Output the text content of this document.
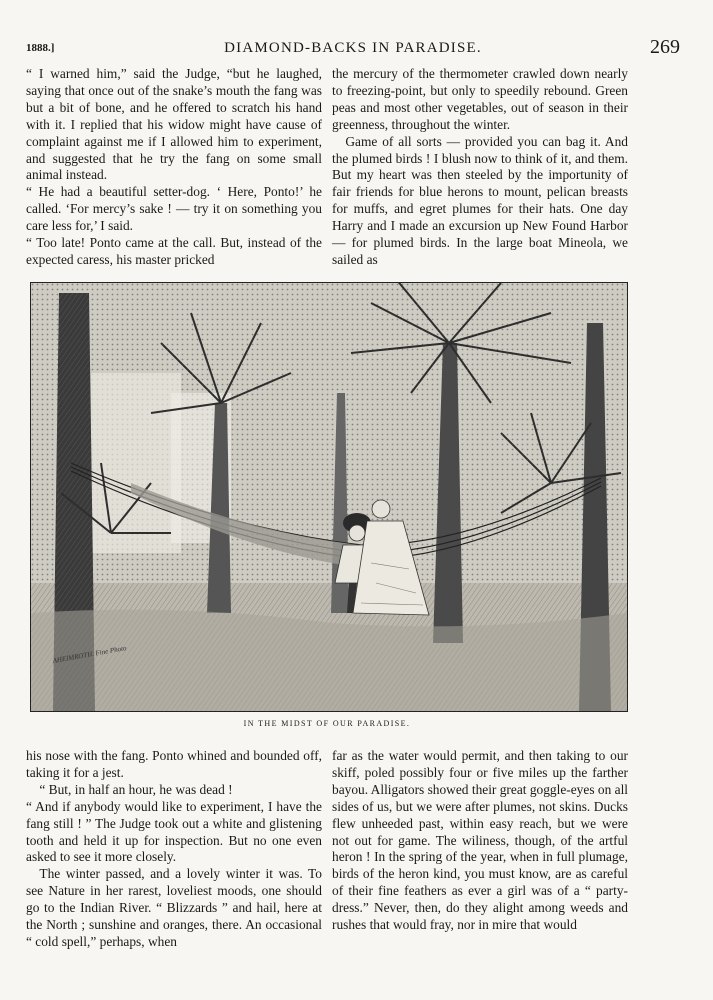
1888.]	DIAMOND-BACKS IN PARADISE.	269

“ I warned him,” said the Judge, “but he laughed, saying that once out of the snake’s mouth the fang was but a bit of bone, and he offered to scratch his hand with it. I replied that his widow might have cause of complaint against me if I allowed him to experiment, and suggested that he try the fang on some small animal instead.

“ He had a beautiful setter-dog. ‘ Here, Ponto!’ he called. ‘For mercy’s sake ! — try it on something you care less for,’ I said.

“ Too late! Ponto came at the call. But, instead of the expected caress, his master pricked

the mercury of the thermometer crawled down nearly to freezing-point, but only to speedily rebound. Green peas and most other vegetables, out of season in their greenness, throughout the winter.

Game of all sorts — provided you can bag it. And the plumed birds ! I blush now to think of it, and them. But my heart was then steeled by the importunity of fair friends for blue herons to mount, pelican breasts for muffs, and egret plumes for their hats. One day Harry and I made an excursion up New Found Harbor — for plumed birds. In the large boat Mineola, we sailed as

AHEIMROTH. Fine Photo
IN THE MIDST OF OUR PARADISE.

his nose with the fang. Ponto whined and bounded off, taking it for a jest.

“ But, in half an hour, he was dead !

“ And if anybody would like to experiment, I have the fang still ! ” The Judge took out a white and glistening tooth and held it up for inspection. But no one even asked to see it more closely.

The winter passed, and a lovely winter it was. To see Nature in her rarest, loveliest moods, one should go to the Indian River. “ Blizzards ” and hail, here at the North ; sunshine and oranges, there. An occasional “ cold spell,” perhaps, when

far as the water would permit, and then taking to our skiff, poled possibly four or five miles up the farther bayou. Alligators showed their great goggle-eyes on all sides of us, but we were after plumes, not skins. Ducks flew unheeded past, within easy reach, but we were not out for game. The wiliness, though, of the artful heron ! In the spring of the year, when in full plumage, birds of the heron kind, you must know, are as careful of their fine feathers as ever a girl was of a “ party-dress.” Never, then, do they alight among weeds and rushes that would fray, nor in mire that would
